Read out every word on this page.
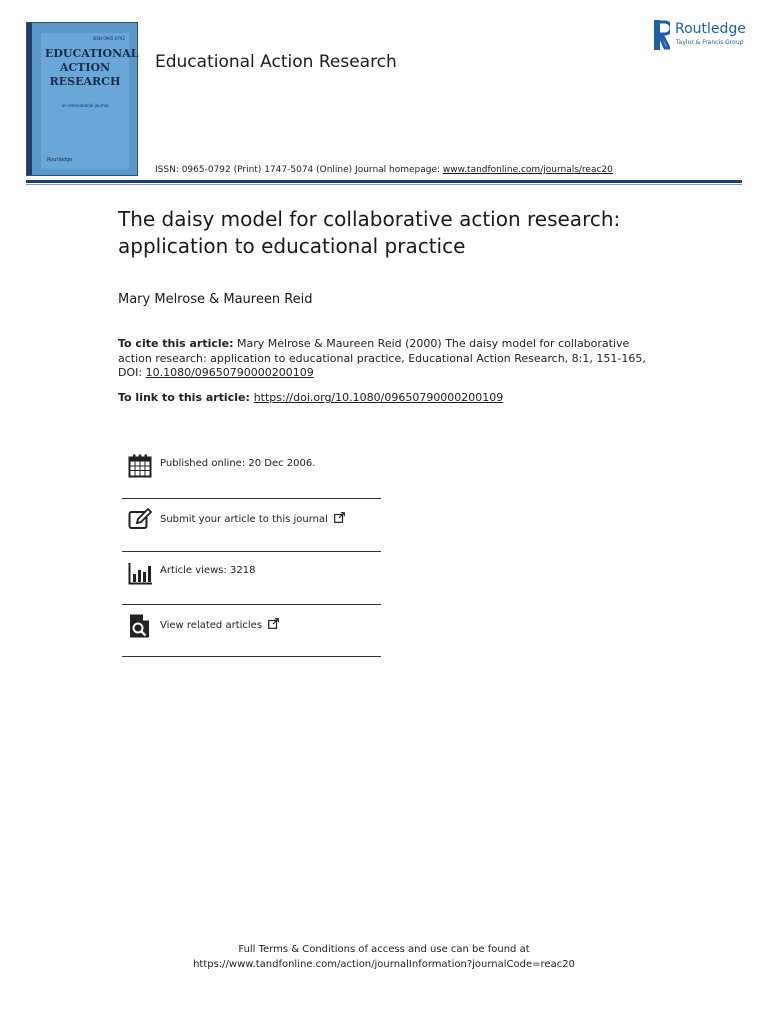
ISSN 0965-0792
EDUCATIONAL
ACTION
RESEARCH
an international journal
Routledge
Educational Action Research
ISSN: 0965-0792 (Print) 1747-5074 (Online) Journal homepage: www.tandfonline.com/journals/reac20
Routledge
Taylor & Francis Group
The daisy model for collaborative action research: application to educational practice
Mary Melrose & Maureen Reid
To cite this article: Mary Melrose & Maureen Reid (2000) The daisy model for collaborative action research: application to educational practice, Educational Action Research, 8:1, 151-165, DOI: 10.1080/09650790000200109
To link to this article: https://doi.org/10.1080/09650790000200109
Published online: 20 Dec 2006.
Submit your article to this journal
Article views: 3218
View related articles
Full Terms & Conditions of access and use can be found at
https://www.tandfonline.com/action/journalInformation?journalCode=reac20
